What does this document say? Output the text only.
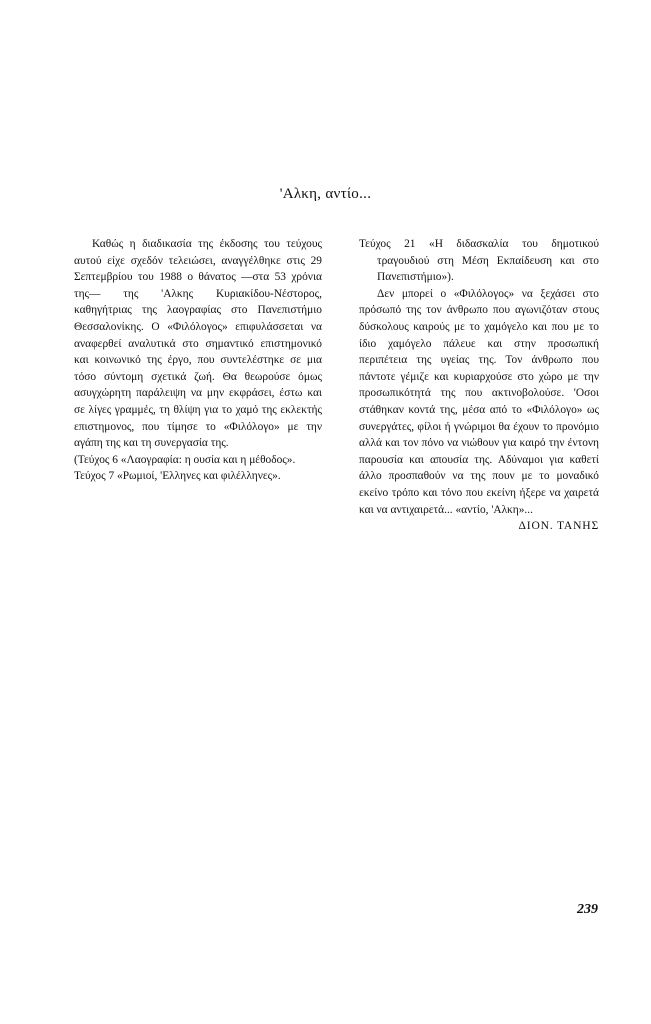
'Αλκη, αντίο...

Καθώς η διαδικασία της έκδοσης του τεύχους αυτού είχε σχεδόν τελειώσει, αναγγέλθηκε στις 29 Σεπτεμβρίου του 1988 ο θάνατος —στα 53 χρόνια της— της 'Αλκης Κυριακίδου-Νέστορος, καθηγήτριας της λαογραφίας στο Πανεπιστήμιο Θεσσαλονίκης. Ο «Φιλόλογος» επιφυλάσσεται να αναφερθεί αναλυτικά στο σημαντικό επιστημονικό και κοινωνικό της έργο, που συντελέστηκε σε μια τόσο σύντομη σχετικά ζωή. Θα θεωρούσε όμως ασυγχώρητη παράλειψη να μην εκφράσει, έστω και σε λίγες γραμμές, τη θλίψη για το χαμό της εκλεκτής επιστημονος, που τίμησε το «Φιλόλογο» με την αγάπη της και τη συνεργασία της.

(Τεύχος 6 «Λαογραφία: η ουσία και η μέθοδος».
Τεύχος 7 «Ρωμιοί, 'Ελληνες και φιλέλληνες».
Τεύχος 21 «Η διδασκαλία του δημοτικού τραγουδιού στη Μέση Εκπαίδευση και στο Πανεπιστήμιο»).

Δεν μπορεί ο «Φιλόλογος» να ξεχάσει στο πρόσωπό της τον άνθρωπο που αγωνιζόταν στους δύσκολους καιρούς με το χαμόγελο και που με το ίδιο χαμόγελο πάλευε και στην προσωπική περιπέτεια της υγείας της. Τον άνθρωπο που πάντοτε γέμιζε και κυριαρχούσε στο χώρο με την προσωπικότητά της που ακτινοβολούσε. 'Οσοι στάθηκαν κοντά της, μέσα από το «Φιλόλογο» ως συνεργάτες, φίλοι ή γνώριμοι θα έχουν το προνόμιο αλλά και τον πόνο να νιώθουν για καιρό την έντονη παρουσία και απουσία της. Αδύναμοι για καθετί άλλο προσπαθούν να της πουν με το μοναδικό εκείνο τρόπο και τόνο που εκείνη ήξερε να χαιρετά και να αντιχαιρετά... «αντίο, 'Αλκη»...

ΔΙΟΝ. ΤΑΝΗΣ

239
